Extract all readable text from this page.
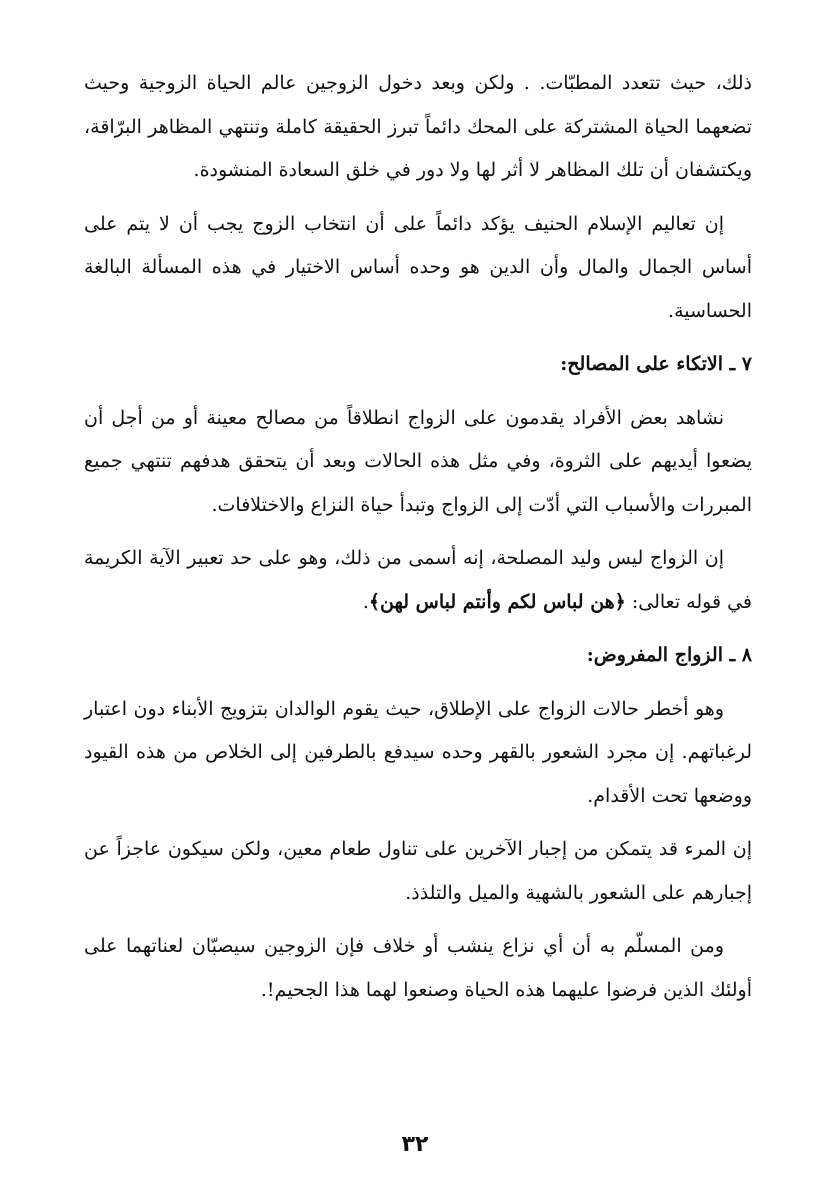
ذلك، حيث تتعدد المطبّات. . ولكن وبعد دخول الزوجين عالم الحياة الزوجية وحيث تضعهما الحياة المشتركة على المحك دائماً تبرز الحقيقة كاملة وتنتهي المظاهر البرّاقة، ويكتشفان أن تلك المظاهر لا أثر لها ولا دور في خلق السعادة المنشودة.

إن تعاليم الإسلام الحنيف يؤكد دائماً على أن انتخاب الزوج يجب أن لا يتم على أساس الجمال والمال وأن الدين هو وحده أساس الاختيار في هذه المسألة البالغة الحساسية.

٧ ـ الاتكاء على المصالح:

نشاهد بعض الأفراد يقدمون على الزواج انطلاقاً من مصالح معينة أو من أجل أن يضعوا أيديهم على الثروة، وفي مثل هذه الحالات وبعد أن يتحقق هدفهم تنتهي جميع المبررات والأسباب التي أدّت إلى الزواج وتبدأ حياة النزاع والاختلافات.

إن الزواج ليس وليد المصلحة، إنه أسمى من ذلك، وهو على حد تعبير الآية الكريمة في قوله تعالى: ﴿هن لباس لكم وأنتم لباس لهن﴾.

٨ ـ الزواج المفروض:

وهو أخطر حالات الزواج على الإطلاق، حيث يقوم الوالدان بتزويج الأبناء دون اعتبار لرغباتهم. إن مجرد الشعور بالقهر وحده سيدفع بالطرفين إلى الخلاص من هذه القيود ووضعها تحت الأقدام.

إن المرء قد يتمكن من إجبار الآخرين على تناول طعام معين، ولكن سيكون عاجزاً عن إجبارهم على الشعور بالشهية والميل والتلذذ.

ومن المسلّم به أن أي نزاع ينشب أو خلاف فإن الزوجين سيصبّان لعناتهما على أولئك الذين فرضوا عليهما هذه الحياة وصنعوا لهما هذا الجحيم!.

٣٢
